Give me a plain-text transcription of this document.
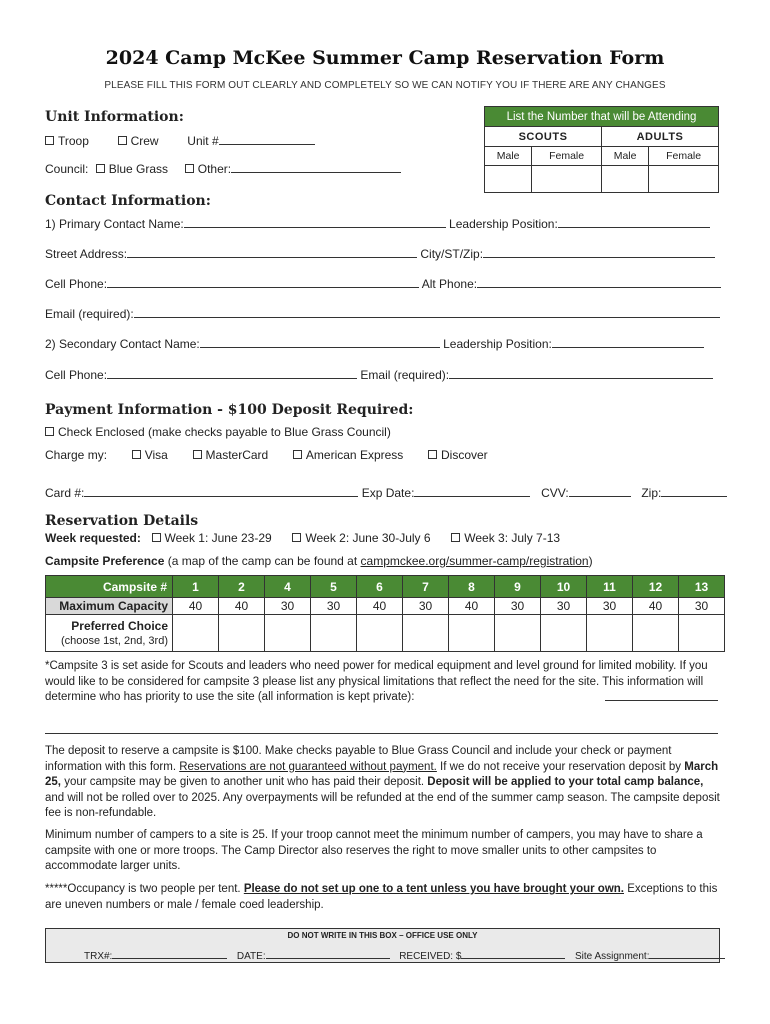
2024 Camp McKee Summer Camp Reservation Form
PLEASE FILL THIS FORM OUT CLEARLY AND COMPLETELY SO WE CAN NOTIFY YOU IF THERE ARE ANY CHANGES
Unit Information:
Troop	Crew Unit #
Council: Blue Grass Other:
List the Number that will be Attending			
SCOUTS		ADULTS	
Male	Female	Male	Female

Contact Information:
1) Primary Contact Name:	Leadership Position:
Street Address:	City/ST/Zip:
Cell Phone:	Alt Phone:
Email (required):
2) Secondary Contact Name:	Leadership Position:
Cell Phone:	Email (required):
Payment Information - $100 Deposit Required:
Check Enclosed (make checks payable to Blue Grass Council)
Charge my:	Visa	MasterCard	American Express	Discover
Card #:	Exp Date:	CVV:	Zip:
Reservation Details
Week requested: Week 1: June 23-29	Week 2: June 30-July 6	Week 3: July 7-13
Campsite Preference (a map of the camp can be found at campmckee.org/summer-camp/registration)
Campsite #	1	2	4	5	6	7	8	9	10	11	12	13
Maximum Capacity	40	40	30	30	40	30	40	30	30	30	40	30
Preferred Choice
(choose 1st, 2nd, 3rd)												
*Campsite 3 is set aside for Scouts and leaders who need power for medical equipment and level ground for limited mobility. If you would like to be considered for campsite 3 please list any physical limitations that reflect the need for the site. This information will determine who has priority to use the site (all information is kept private):
The deposit to reserve a campsite is $100. Make checks payable to Blue Grass Council and include your check or payment information with this form. Reservations are not guaranteed without payment. If we do not receive your reservation deposit by March 25, your campsite may be given to another unit who has paid their deposit. Deposit will be applied to your total camp balance, and will not be rolled over to 2025. Any overpayments will be refunded at the end of the summer camp season. The campsite deposit fee is non-refundable.
Minimum number of campers to a site is 25. If your troop cannot meet the minimum number of campers, you may have to share a campsite with one or more troops. The Camp Director also reserves the right to move smaller units to other campsites to accommodate larger units.
*****Occupancy is two people per tent. Please do not set up one to a tent unless you have brought your own. Exceptions to this are uneven numbers or male / female coed leadership.
DO NOT WRITE IN THIS BOX – OFFICE USE ONLY
TRX#:	DATE:	RECEIVED: $	Site Assignment:
